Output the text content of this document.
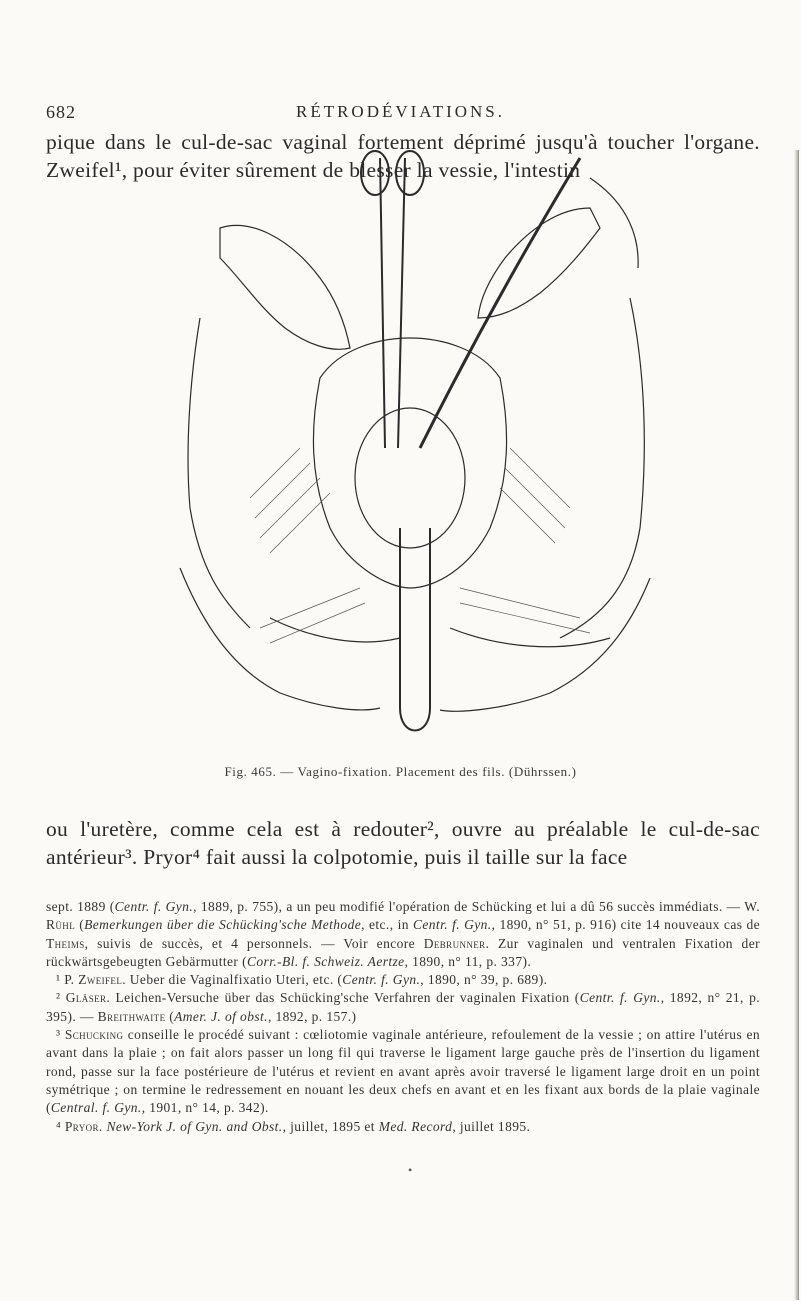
682	RÉTRODÉVIATIONS.

pique dans le cul-de-sac vaginal fortement déprimé jusqu'à toucher l'organe. Zweifel¹, pour éviter sûrement de blesser la vessie, l'intestin

Fig. 465. — Vagino-fixation. Placement des fils. (Dührssen.)

ou l'uretère, comme cela est à redouter², ouvre au préalable le cul-de-sac antérieur³. Pryor⁴ fait aussi la colpotomie, puis il taille sur la face

sept. 1889 (Centr. f. Gyn., 1889, p. 755), a un peu modifié l'opération de Schücking et lui a dû 56 succès immédiats. — W. Rühl (Bemerkungen über die Schücking'sche Methode, etc., in Centr. f. Gyn., 1890, n° 51, p. 916) cite 14 nouveaux cas de Theims, suivis de succès, et 4 personnels. — Voir encore Debrunner. Zur vaginalen und ventralen Fixation der rückwärtsgebeugten Gebärmutter (Corr.-Bl. f. Schweiz. Aertze, 1890, n° 11, p. 337).

¹ P. Zweifel. Ueber die Vaginalfixatio Uteri, etc. (Centr. f. Gyn., 1890, n° 39, p. 689).

² Gläser. Leichen-Versuche über das Schücking'sche Verfahren der vaginalen Fixation (Centr. f. Gyn., 1892, n° 21, p. 395). — Breithwaite (Amer. J. of obst., 1892, p. 157.)

³ Schucking conseille le procédé suivant : cœliotomie vaginale antérieure, refoulement de la vessie ; on attire l'utérus en avant dans la plaie ; on fait alors passer un long fil qui traverse le ligament large gauche près de l'insertion du ligament rond, passe sur la face postérieure de l'utérus et revient en avant après avoir traversé le ligament large droit en un point symétrique ; on termine le redressement en nouant les deux chefs en avant et en les fixant aux bords de la plaie vaginale (Central. f. Gyn., 1901, n° 14, p. 342).

⁴ Pryor. New-York J. of Gyn. and Obst., juillet, 1895 et Med. Record, juillet 1895.

•
